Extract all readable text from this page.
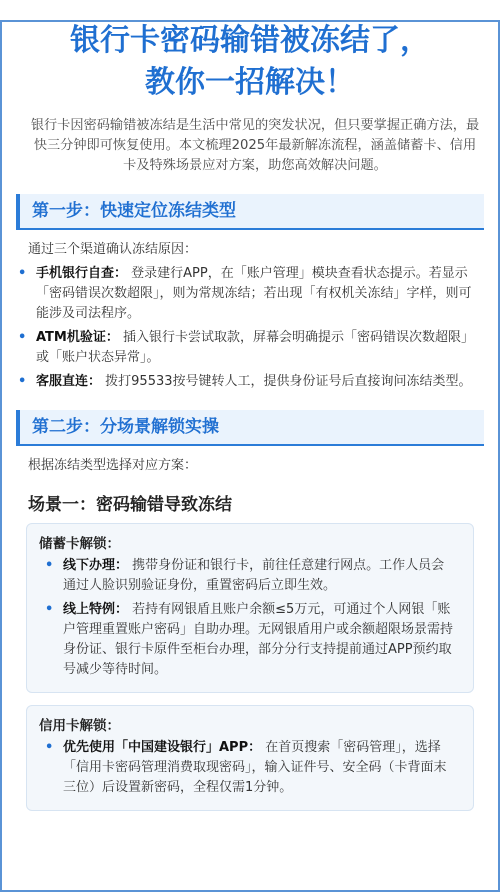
银行卡密码输错被冻结了，
教你一招解决！
银行卡因密码输错被冻结是生活中常见的突发状况，但只要掌握正确方法，最快三分钟即可恢复使用。本文梳理2025年最新解冻流程，涵盖储蓄卡、信用卡及特殊场景应对方案，助您高效解决问题。
第一步：快速定位冻结类型
通过三个渠道确认冻结原因：
• 手机银行自查： 登录建行APP，在「账户管理」模块查看状态提示。若显示「密码错误次数超限」，则为常规冻结；若出现「有权机关冻结」字样，则可能涉及司法程序。
• ATM机验证： 插入银行卡尝试取款，屏幕会明确提示「密码错误次数超限」或「账户状态异常」。
• 客服直连： 拨打95533按号键转人工，提供身份证号后直接询问冻结类型。
第二步：分场景解锁实操
根据冻结类型选择对应方案：
场景一：密码输错导致冻结
储蓄卡解锁：
• 线下办理： 携带身份证和银行卡，前往任意建行网点。工作人员会通过人脸识别验证身份，重置密码后立即生效。
• 线上特例： 若持有网银盾且账户余额≤5万元，可通过个人网银「账户管理重置账户密码」自助办理。无网银盾用户或余额超限场景需持身份证、银行卡原件至柜台办理，部分分行支持提前通过APP预约取号减少等待时间。
信用卡解锁：
• 优先使用「中国建设银行」APP： 在首页搜索「密码管理」，选择「信用卡密码管理消费取现密码」，输入证件号、安全码（卡背面末三位）后设置新密码，全程仅需1分钟。
